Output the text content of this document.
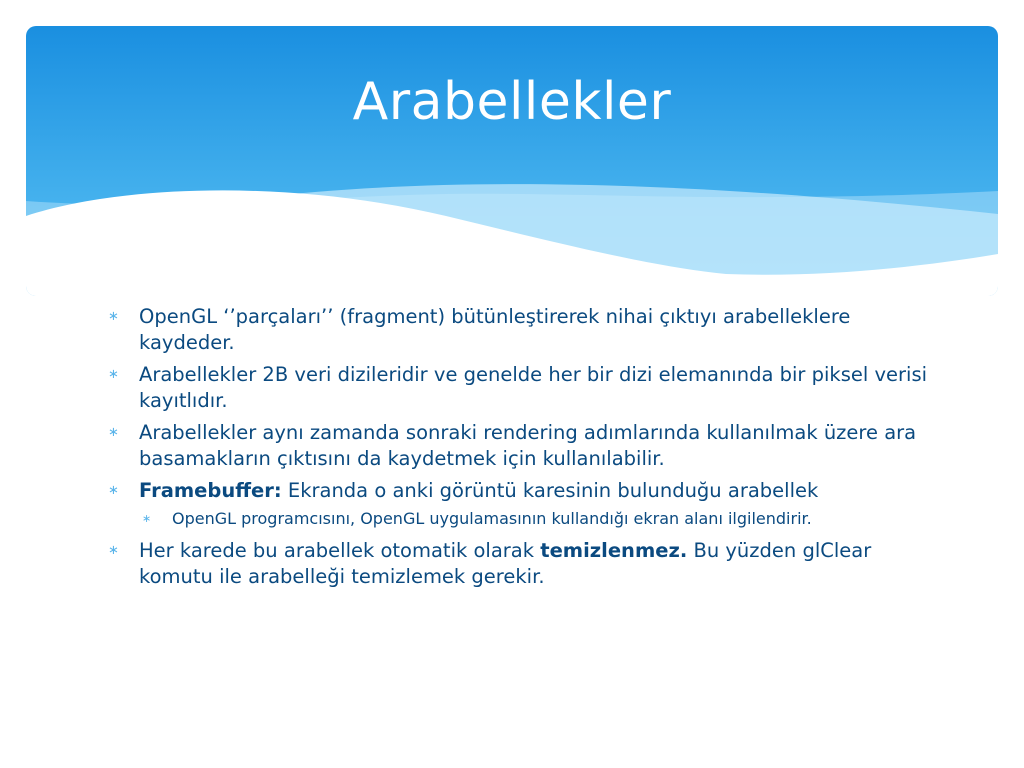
Arabellekler
∗ OpenGL ‘’parçaları’’ (fragment) bütünleştirerek nihai çıktıyı arabelleklere kaydeder.
∗ Arabellekler 2B veri dizileridir ve genelde her bir dizi elemanında bir piksel verisi kayıtlıdır.
∗ Arabellekler aynı zamanda sonraki rendering adımlarında kullanılmak üzere ara basamakların çıktısını da kaydetmek için kullanılabilir.
∗ Framebuffer: Ekranda o anki görüntü karesinin bulunduğu arabellek
∗ OpenGL programcısını, OpenGL uygulamasının kullandığı ekran alanı ilgilendirir.
∗ Her karede bu arabellek otomatik olarak temizlenmez. Bu yüzden glClear komutu ile arabelleği temizlemek gerekir.
